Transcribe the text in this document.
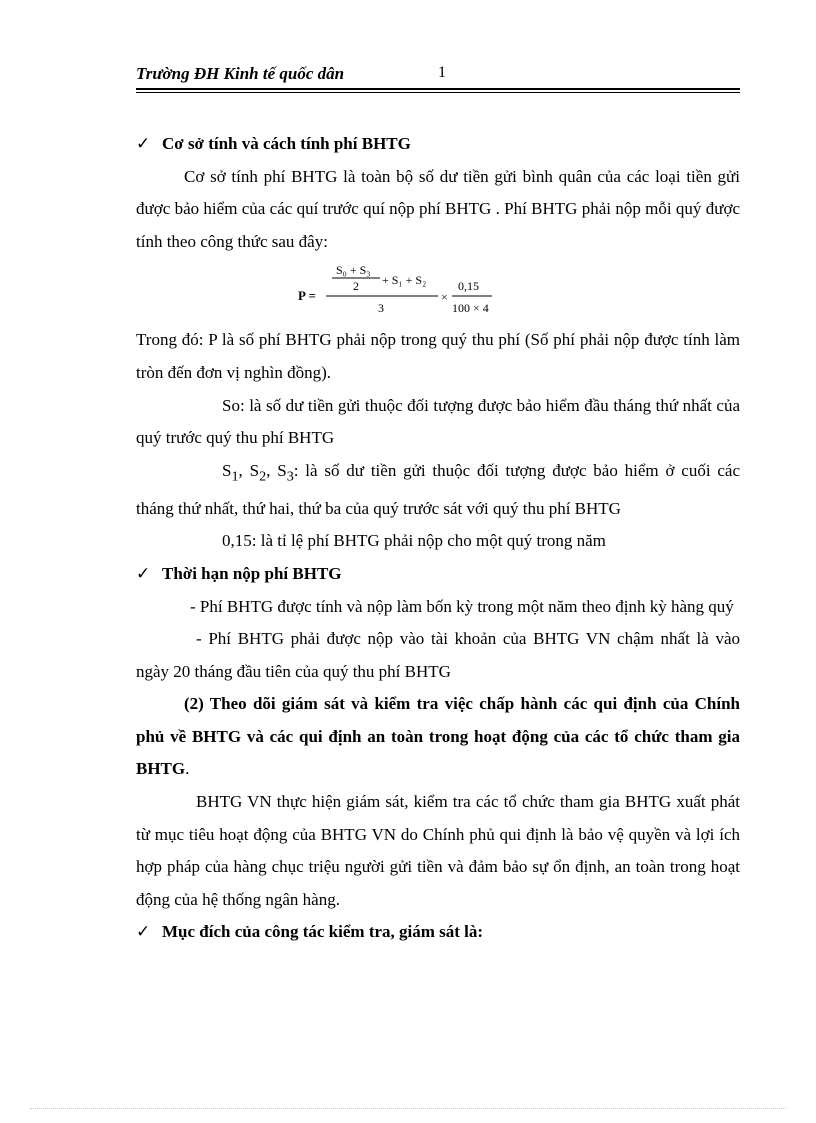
Trường ĐH Kinh tế quốc dân	1

✓ Cơ sở tính và cách tính phí BHTG

Cơ sở tính phí BHTG là toàn bộ số dư tiền gửi bình quân của các loại tiền gửi được bảo hiểm của các quí trước quí nộp phí BHTG . Phí BHTG phải nộp mỗi quý được tính theo công thức sau đây:

P =
S₀ + S₃
2 + S₁ + S₂
3
×
0,15
100 × 4

Trong đó: P là số phí BHTG phải nộp trong quý thu phí (Số phí phải nộp được tính làm tròn đến đơn vị nghìn đồng).

So: là số dư tiền gửi thuộc đối tượng được bảo hiểm đầu tháng thứ nhất của quý trước quý thu phí BHTG

$S_1$, $S_2$, $S_3$: là số dư tiền gửi thuộc đối tượng được bảo hiểm ở cuối các tháng thứ nhất, thứ hai, thứ ba của quý trước sát với quý thu phí BHTG

0,15: là tỉ lệ phí BHTG phải nộp cho một quý trong năm

✓ Thời hạn nộp phí BHTG

- Phí BHTG được tính và nộp làm bốn kỳ trong một năm theo định kỳ hàng quý

- Phí BHTG phải được nộp vào tài khoản của BHTG VN chậm nhất là vào ngày 20 tháng đầu tiên của quý thu phí BHTG

(2) Theo dõi giám sát và kiểm tra việc chấp hành các qui định của Chính phủ về BHTG và các qui định an toàn trong hoạt động của các tổ chức tham gia BHTG.

BHTG VN thực hiện giám sát, kiểm tra các tổ chức tham gia BHTG xuất phát từ mục tiêu hoạt động của BHTG VN do Chính phủ qui định là bảo vệ quyền và lợi ích hợp pháp của hàng chục triệu người gửi tiền và đảm bảo sự ổn định, an toàn trong hoạt động của hệ thống ngân hàng.

✓ Mục đích của công tác kiểm tra, giám sát là:
